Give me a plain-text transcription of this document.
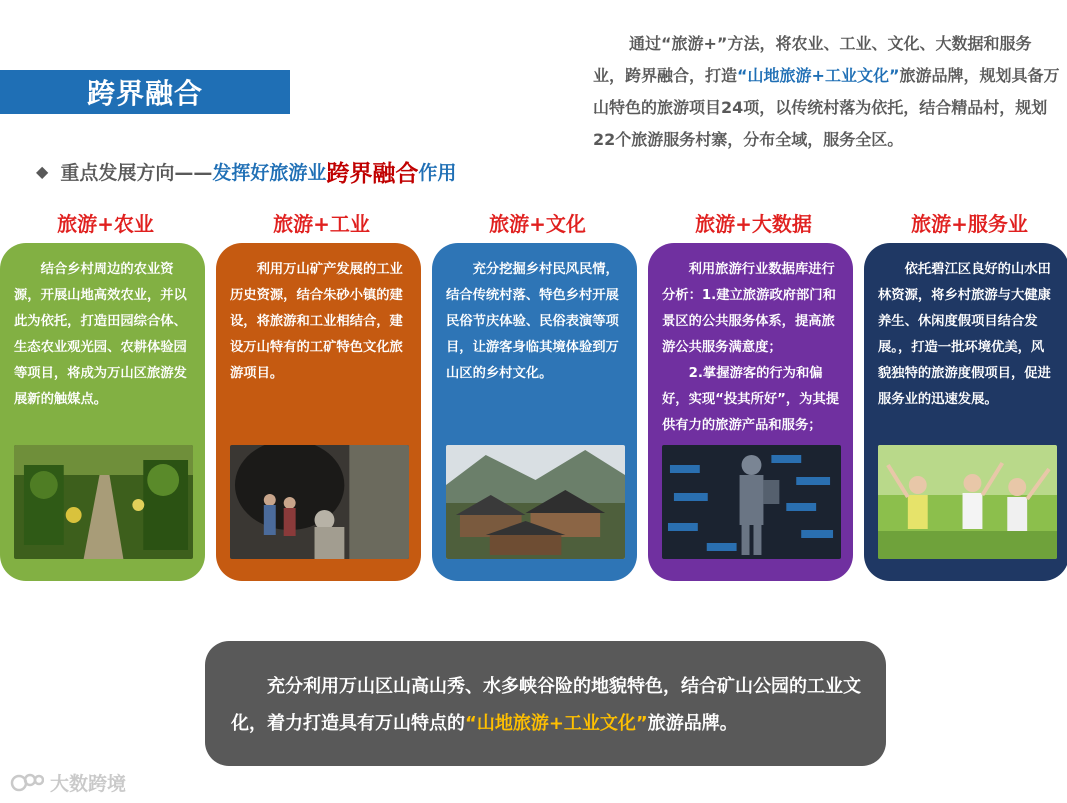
跨界融合
通过“旅游+”方法，将农业、工业、文化、大数据和服务业，跨界融合，打造“山地旅游+工业文化”旅游品牌，规划具备万山特色的旅游项目24项，以传统村落为依托，结合精品村，规划22个旅游服务村寨，分布全域，服务全区。
◆ 重点发展方向—— 发挥好旅游业 跨界融合 作用
旅游+农业	旅游+工业	旅游+文化	旅游+大数据	旅游+服务业

结合乡村周边的农业资源，开展山地高效农业，并以此为依托，打造田园综合体、生态农业观光园、农耕体验园等项目，将成为万山区旅游发展新的触媒点。

利用万山矿产发展的工业历史资源，结合朱砂小镇的建设，将旅游和工业相结合，建设万山特有的工矿特色文化旅游项目。

充分挖掘乡村民风民情，结合传统村落、特色乡村开展民俗节庆体验、民俗表演等项目，让游客身临其境体验到万山区的乡村文化。

利用旅游行业数据库进行分析：1.建立旅游政府部门和景区的公共服务体系，提高旅游公共服务满意度；

2.掌握游客的行为和偏好，实现“投其所好”，为其提供有力的旅游产品和服务；

依托碧江区良好的山水田林资源，将乡村旅游与大健康养生、休闲度假项目结合发展。，打造一批环境优美，风貌独特的旅游度假项目，促进服务业的迅速发展。

充分利用万山区山高山秀、水多峡谷险的地貌特色，结合矿山公园的工业文化，着力打造具有万山特点的“山地旅游+工业文化”旅游品牌。

大数跨境
